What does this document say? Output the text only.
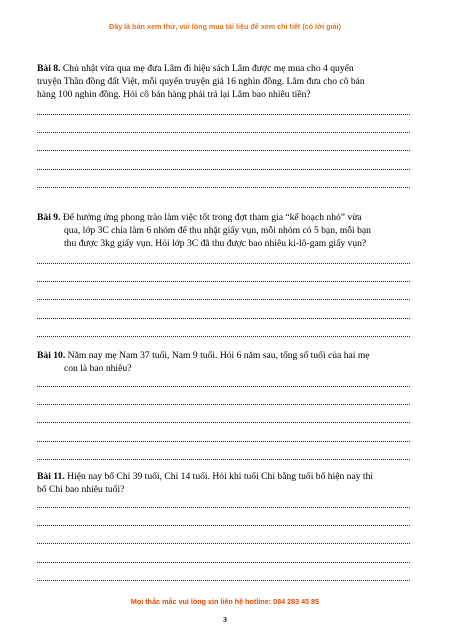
Đây là bản xem thử, vui lòng mua tài liệu để xem chi tiết (có lời giải)
Bài 8. Chủ nhật vừa qua mẹ đưa Lâm đi hiệu sách Lâm được mẹ mua cho 4 quyển
truyện Thần đồng đất Việt, mỗi quyển truyện giá 16 nghìn đồng. Lâm đưa cho cô bán
hàng 100 nghìn đồng. Hỏi cô bán hàng phải trả lại Lâm bao nhiêu tiền?
Bài 9. Để hưởng ứng phong trào làm việc tốt trong đợt tham gia “kế hoạch nhỏ” vừa
qua, lớp 3C chia làm 6 nhóm để thu nhặt giấy vụn, mỗi nhóm có 5 bạn, mỗi bạn
thu được 3kg giấy vụn. Hỏi lớp 3C đã thu được bao nhiêu ki-lô-gam giấy vụn?
Bài 10. Năm nay mẹ Nam 37 tuổi, Nam 9 tuổi. Hỏi 6 năm sau, tổng số tuổi của hai mẹ
con là bao nhiêu?
Bài 11. Hiện nay bố Chi 39 tuổi, Chi 14 tuổi. Hỏi khi tuổi Chi bằng tuổi bố hiện nay thì
bố Chi bao nhiêu tuổi?
Mọi thắc mắc vui lòng xin liên hệ hotline: 084 283 45 85
3
